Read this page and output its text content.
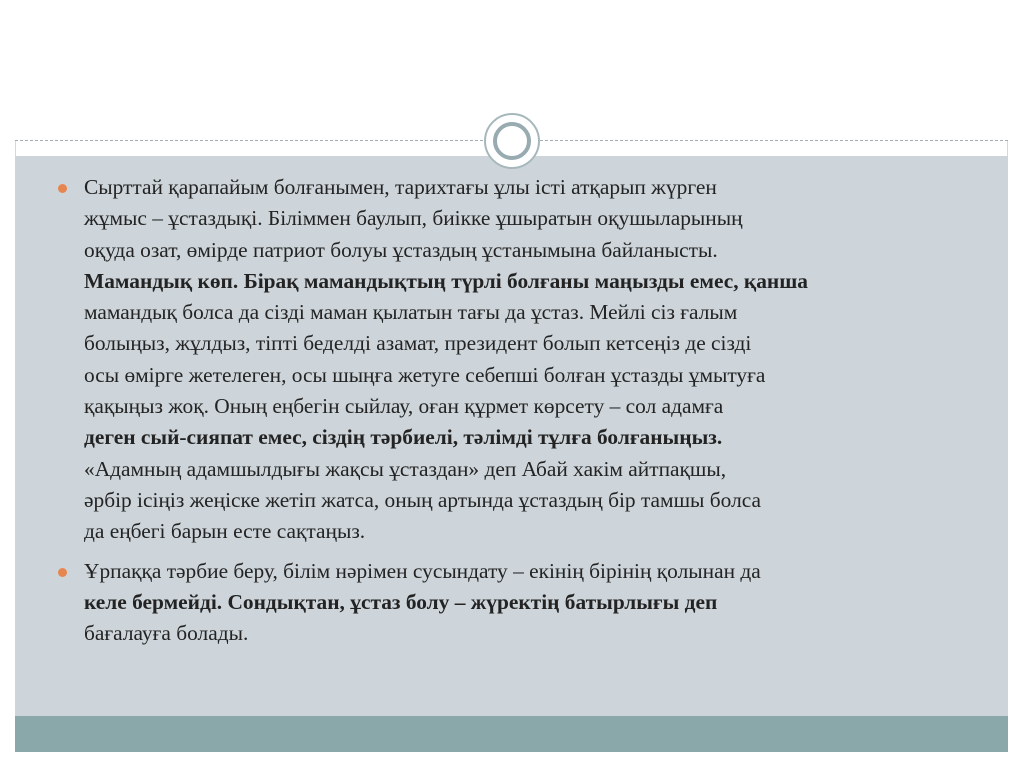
Сырттай қарапайым болғанымен, тарихтағы ұлы істі атқарып жүрген
жұмыс – ұстаздықі. Біліммен баулып, биікке ұшыратын оқушыларының
оқуда озат, өмірде патриот болуы ұстаздың ұстанымына байланысты.
Мамандық көп. Бірақ мамандықтың түрлі болғаны маңызды емес, қанша
мамандық болса да сізді маман қылатын тағы да ұстаз. Мейлі сіз ғалым
болыңыз, жұлдыз, тіпті беделді азамат, президент болып кетсеңіз де сізді
осы өмірге жетелеген, осы шыңға жетуге себепші болған ұстазды ұмытуға
қақыңыз жоқ. Оның еңбегін сыйлау, оған құрмет көрсету – сол адамға
деген сый-сияпат емес, сіздің тәрбиелі, тәлімді тұлға болғаныңыз.
«Адамның адамшылдығы жақсы ұстаздан» деп Абай хакім айтпақшы,
әрбір ісіңіз жеңіске жетіп жатса, оның артында ұстаздың бір тамшы болса
да еңбегі барын есте сақтаңыз.
Ұрпаққа тәрбие беру, білім нәрімен сусындату – екінің бірінің қолынан да
келе бермейді. Сондықтан, ұстаз болу – жүректің батырлығы деп
бағалауға болады.
